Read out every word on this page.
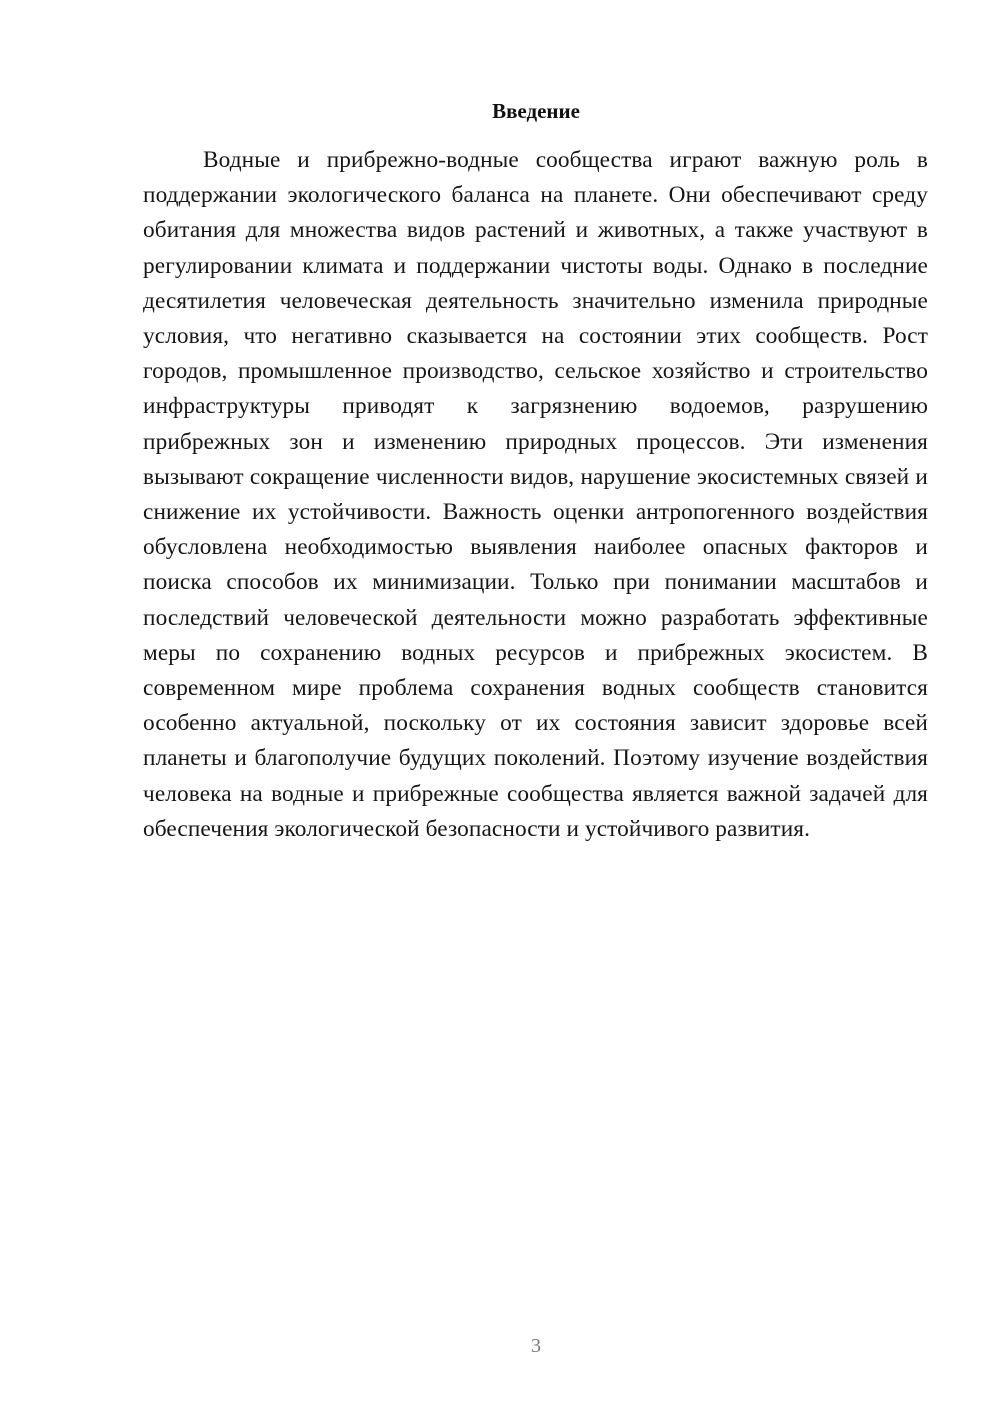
Введение

Водные и прибрежно-водные сообщества играют важную роль в поддержании экологического баланса на планете. Они обеспечивают среду обитания для множества видов растений и животных, а также участвуют в регулировании климата и поддержании чистоты воды. Однако в последние десятилетия человеческая деятельность значительно изменила природные условия, что негативно сказывается на состоянии этих сообществ. Рост городов, промышленное производство, сельское хозяйство и строительство инфраструктуры приводят к загрязнению водоемов, разрушению прибрежных зон и изменению природных процессов. Эти изменения вызывают сокращение численности видов, нарушение экосистемных связей и снижение их устойчивости. Важность оценки антропогенного воздействия обусловлена необходимостью выявления наиболее опасных факторов и поиска способов их минимизации. Только при понимании масштабов и последствий человеческой деятельности можно разработать эффективные меры по сохранению водных ресурсов и прибрежных экосистем. В современном мире проблема сохранения водных сообществ становится особенно актуальной, поскольку от их состояния зависит здоровье всей планеты и благополучие будущих поколений. Поэтому изучение воздействия человека на водные и прибрежные сообщества является важной задачей для обеспечения экологической безопасности и устойчивого развития.

3
